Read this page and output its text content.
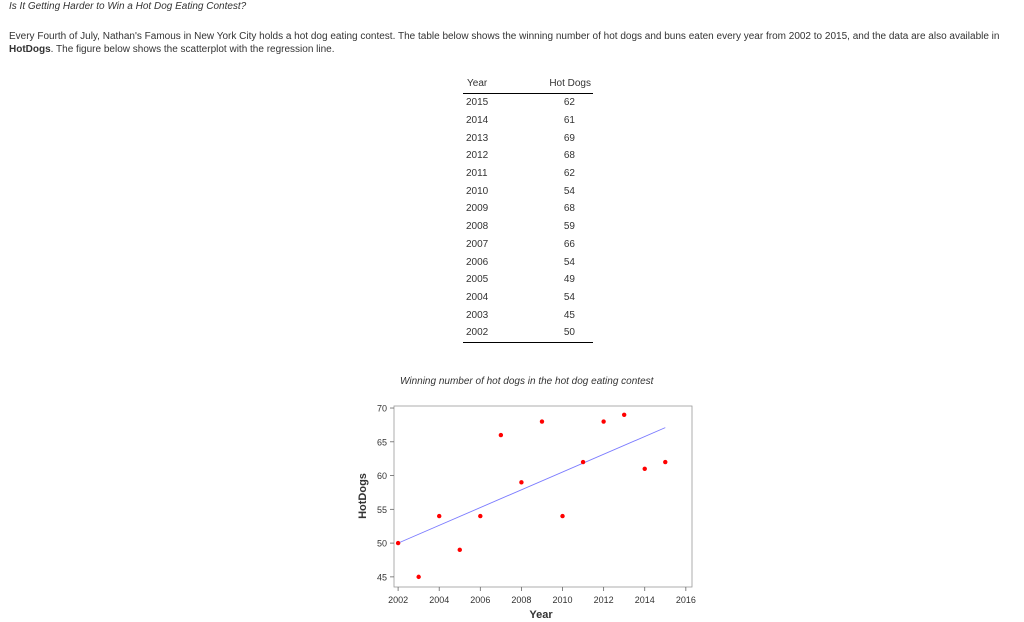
Is It Getting Harder to Win a Hot Dog Eating Contest?
Every Fourth of July, Nathan's Famous in New York City holds a hot dog eating contest. The table below shows the winning number of hot dogs and buns eaten every year from 2002 to 2015, and the data are also available in HotDogs. The figure below shows the scatterplot with the regression line.
Year	Hot Dogs
2015	62
2014	61
2013	69
2012	68
2011	62
2010	54
2009	68
2008	59
2007	66
2006	54
2005	49
2004	54
2003	45
2002	50
Winning number of hot dogs in the hot dog eating contest
45
50
55
60
65
70
2002 2004 2006 2008 2010 2012 2014 2016
Year
HotDogs
